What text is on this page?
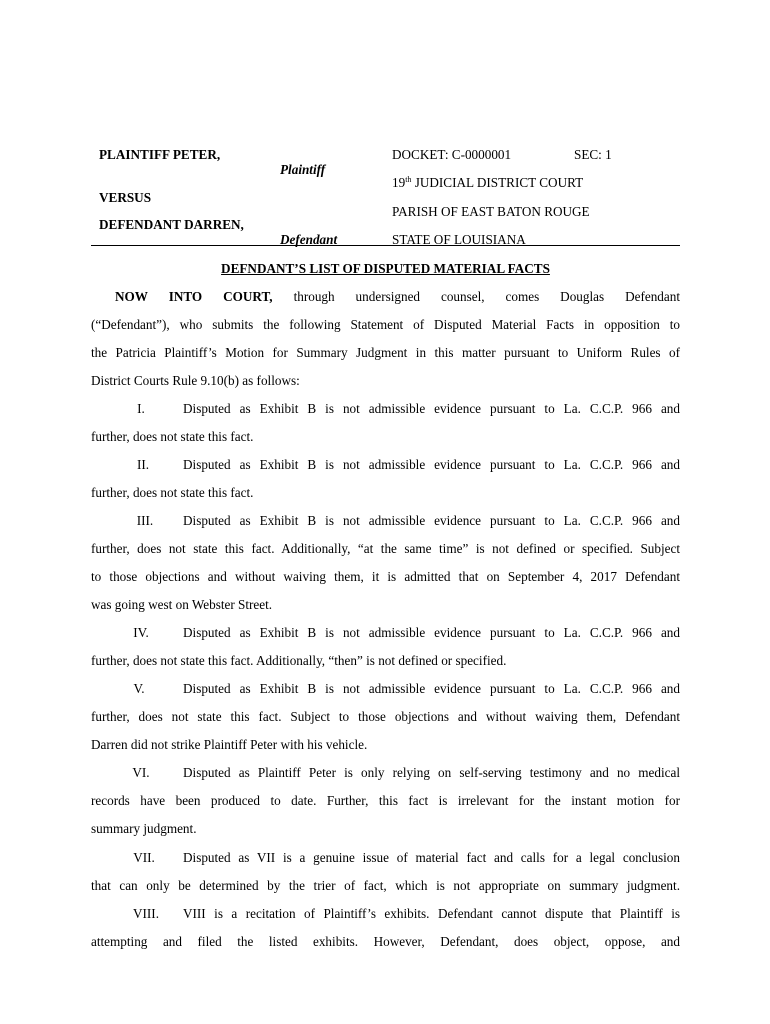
PLAINTIFF PETER,
Plaintiff
VERSUS
DEFENDANT DARREN,
Defendant
DOCKET: C-0000001	SEC: 1
19th JUDICIAL DISTRICT COURT
PARISH OF EAST BATON ROUGE
STATE OF LOUISIANA
DEFNDANT’S LIST OF DISPUTED MATERIAL FACTS
NOW INTO COURT, through undersigned counsel, comes Douglas Defendant
(“Defendant”), who submits the following Statement of Disputed Material Facts in opposition to
the Patricia Plaintiff’s Motion for Summary Judgment in this matter pursuant to Uniform Rules of
District Courts Rule 9.10(b) as follows:
I.	Disputed as Exhibit B is not admissible evidence pursuant to La. C.C.P. 966 and
further, does not state this fact.
II.	Disputed as Exhibit B is not admissible evidence pursuant to La. C.C.P. 966 and
further, does not state this fact.
III.	Disputed as Exhibit B is not admissible evidence pursuant to La. C.C.P. 966 and
further, does not state this fact. Additionally, “at the same time” is not defined or specified. Subject
to those objections and without waiving them, it is admitted that on September 4, 2017 Defendant
was going west on Webster Street.
IV.	Disputed as Exhibit B is not admissible evidence pursuant to La. C.C.P. 966 and
further, does not state this fact. Additionally, “then” is not defined or specified.
V.	Disputed as Exhibit B is not admissible evidence pursuant to La. C.C.P. 966 and
further, does not state this fact. Subject to those objections and without waiving them, Defendant
Darren did not strike Plaintiff Peter with his vehicle.
VI.	Disputed as Plaintiff Peter is only relying on self-serving testimony and no medical
records have been produced to date. Further, this fact is irrelevant for the instant motion for
summary judgment.
VII.	Disputed as VII is a genuine issue of material fact and calls for a legal conclusion
that can only be determined by the trier of fact, which is not appropriate on summary judgment.
VIII.	VIII is a recitation of Plaintiff’s exhibits. Defendant cannot dispute that Plaintiff is
attempting and filed the listed exhibits. However, Defendant, does object, oppose, and
